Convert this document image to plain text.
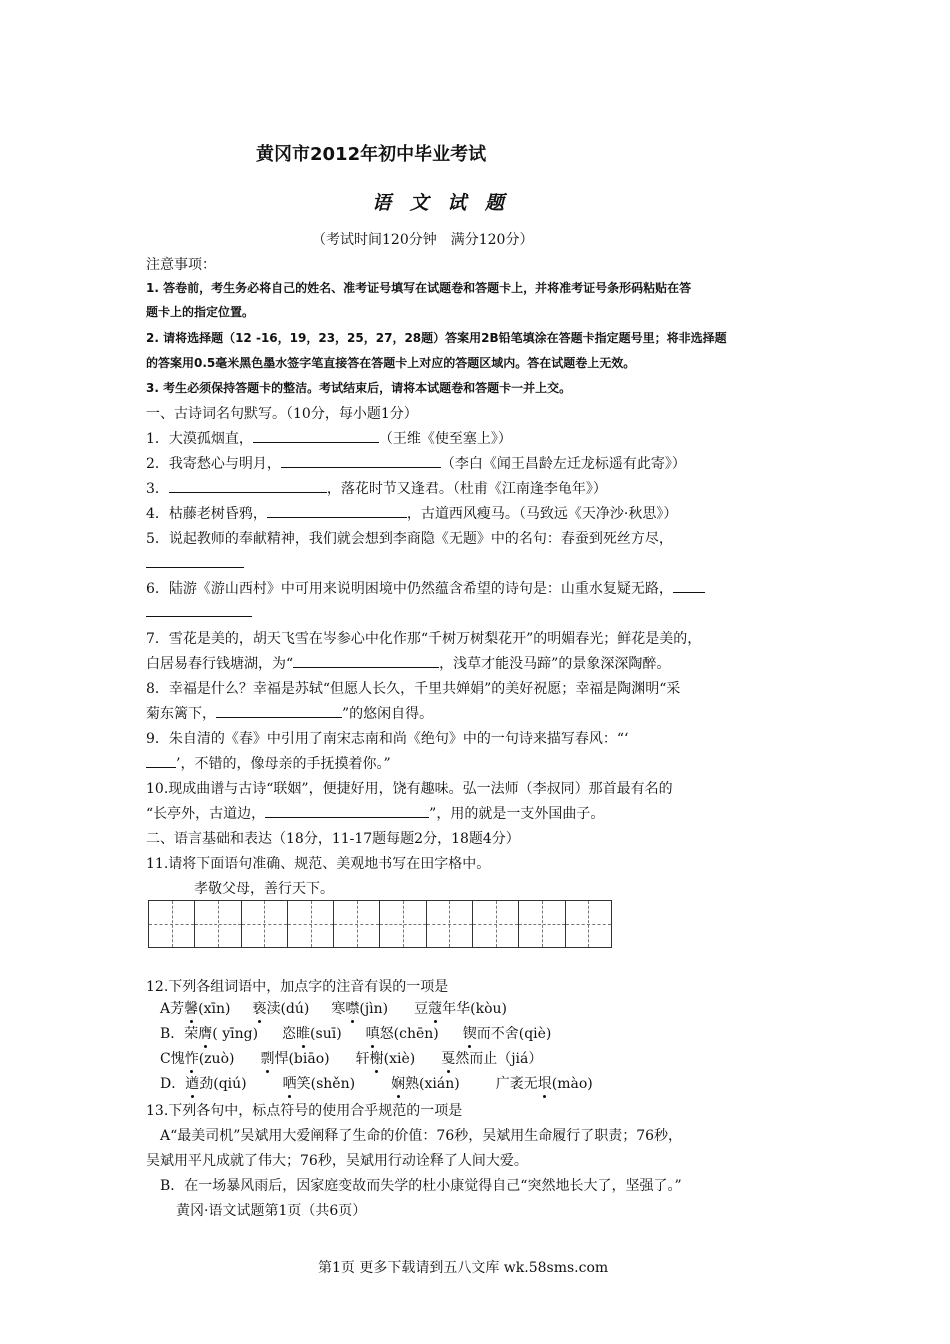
黄冈市2012年初中毕业考试
语 文 试 题
（考试时间120分钟　满分120分）
注意事项：
1. 答卷前，考生务必将自己的姓名、准考证号填写在试题卷和答题卡上，并将准考证号条形码粘贴在答
题卡上的指定位置。
2. 请将选择题（12 -16，19，23，25，27，28题）答案用2B铅笔填涂在答题卡指定题号里；将非选择题
的答案用0.5毫米黑色墨水签字笔直接答在答题卡上对应的答题区域内。答在试题卷上无效。
3. 考生必须保持答题卡的整洁。考试结束后，请将本试题卷和答题卡一并上交。
一、古诗词名句默写。（10分，每小题1分）
1．大漠孤烟直，	（王维《使至塞上》）
2．我寄愁心与明月，	（李白《闻王昌龄左迁龙标遥有此寄》）
3．	，落花时节又逢君。（杜甫《江南逢李龟年》）
4．枯藤老树昏鸦，	，古道西风瘦马。（马致远《天净沙·秋思》）
5．说起教师的奉献精神，我们就会想到李商隐《无题》中的名句：春蚕到死丝方尽，
6．陆游《游山西村》中可用来说明困境中仍然蕴含希望的诗句是：山重水复疑无路，
7．雪花是美的，胡天飞雪在岑参心中化作那“千树万树梨花开”的明媚春光；鲜花是美的，
白居易春行钱塘湖，为“	，浅草才能没马蹄”的景象深深陶醉。
8．幸福是什么？幸福是苏轼“但愿人长久，千里共婵娟”的美好祝愿；幸福是陶渊明“采
菊东篱下，	”的悠闲自得。
9．朱自清的《春》中引用了南宋志南和尚《绝句》中的一句诗来描写春风：“‘
’，不错的，像母亲的手抚摸着你。”
10.现成曲谱与古诗“联姻”，便捷好用，饶有趣味。弘一法师（李叔同）那首最有名的
“长亭外，古道边，	”，用的就是一支外国曲子。
二、语言基础和表达（18分，11-17题每题2分，18题4分）
11.请将下面语句准确、规范、美观地书写在田字格中。
孝敬父母，善行天下。
12.下列各组词语中，加点字的注音有误的一项是
A芳馨(xīn) 亵渎(dú) 寒噤(jìn) 豆蔻年华(kòu)
B．荣膺( yīng) 恣睢(suī) 嗔怒(chēn) 锲而不舍(qiè)
C愧怍(zuò) 剽悍(biāo) 轩榭(xiè) 戛然而止（jiá）
D．遒劲(qiú)	哂笑(shěn)	娴熟(xián)	广袤无垠(mào)
13.下列各句中，标点符号的使用合乎规范的一项是
A“最美司机”吴斌用大爱阐释了生命的价值：76秒，吴斌用生命履行了职责；76秒，
吴斌用平凡成就了伟大；76秒，吴斌用行动诠释了人间大爱。
B．在一场暴风雨后，因家庭变故而失学的杜小康觉得自己“突然地长大了，坚强了。”
黄冈·语文试题第1页（共6页）
第1页 更多下载请到五八文库 wk.58sms.com
